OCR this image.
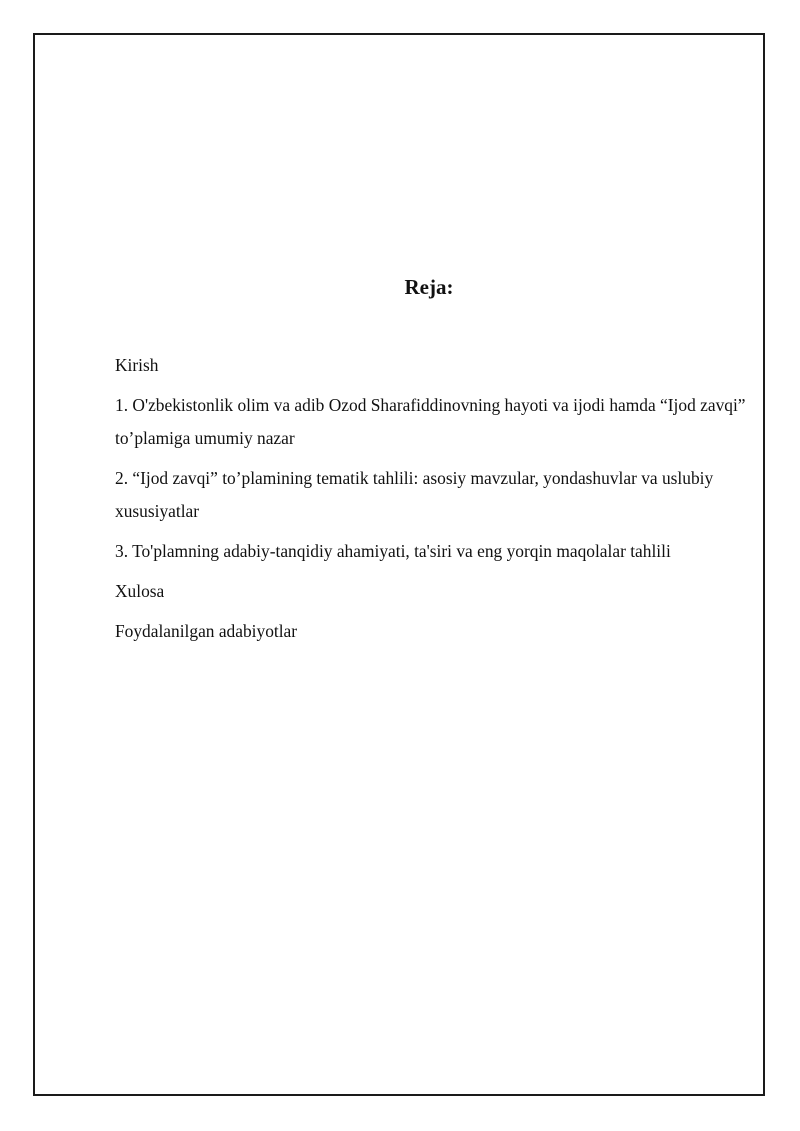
Reja:
Kirish
1. O'zbekistonlik olim va adib Ozod Sharafiddinovning hayoti va ijodi hamda “Ijod zavqi” to’plamiga umumiy nazar
2. “Ijod zavqi” to’plamining tematik tahlili: asosiy mavzular, yondashuvlar va uslubiy xususiyatlar
3. To'plamning adabiy-tanqidiy ahamiyati, ta'siri va eng yorqin maqolalar tahlili
Xulosa
Foydalanilgan adabiyotlar
